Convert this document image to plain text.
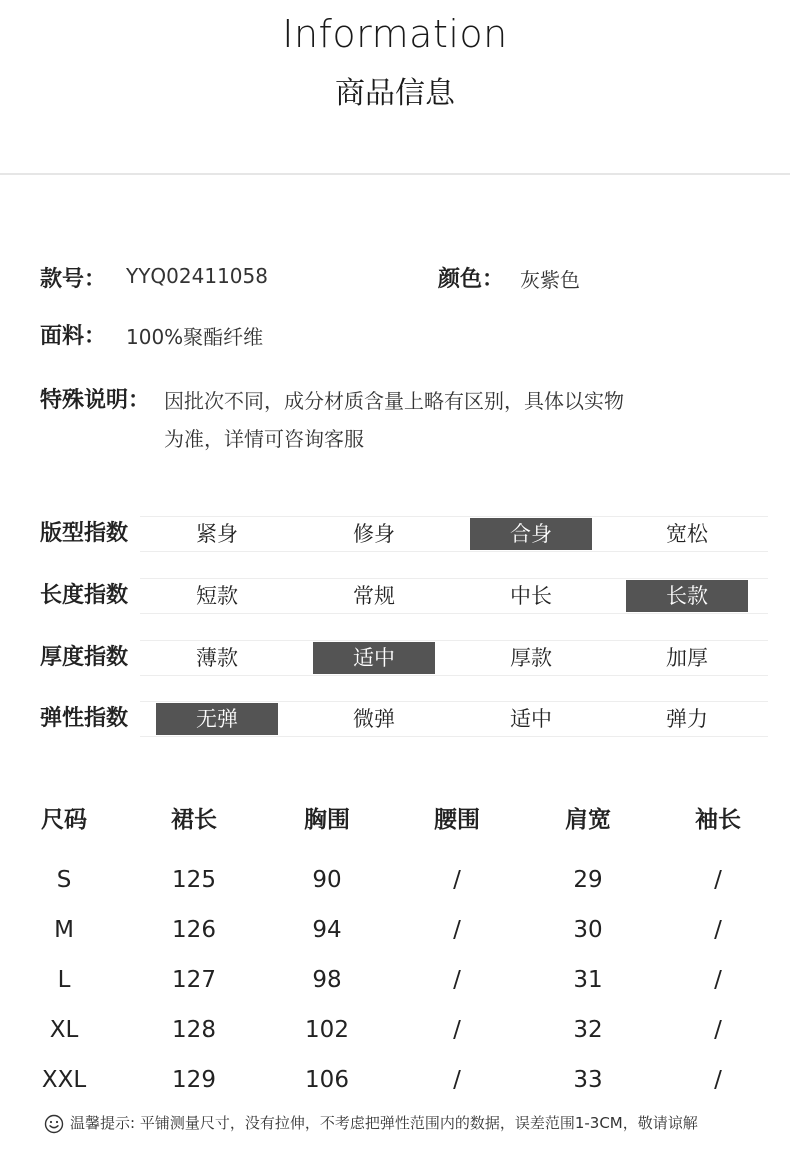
Information
商品信息
款号： YYQ02411058	颜色： 灰紫色
面料： 100%聚酯纤维
特殊说明： 因批次不同，成分材质含量上略有区别，具体以实物
为准，详情可咨询客服
版型指数	紧身	修身	合身	宽松
长度指数	短款	常规	中长	长款
厚度指数	薄款	适中	厚款	加厚
弹性指数	无弹	微弹	适中	弹力
尺码	裙长	胸围	腰围	肩宽	袖长
S	125	90	/	29	/
M	126	94	/	30	/
L	127	98	/	31	/
XL	128	102	/	32	/
XXL	129	106	/	33	/
温馨提示: 平铺测量尺寸，没有拉伸，不考虑把弹性范围内的数据，误差范围1-3CM，敬请谅解
